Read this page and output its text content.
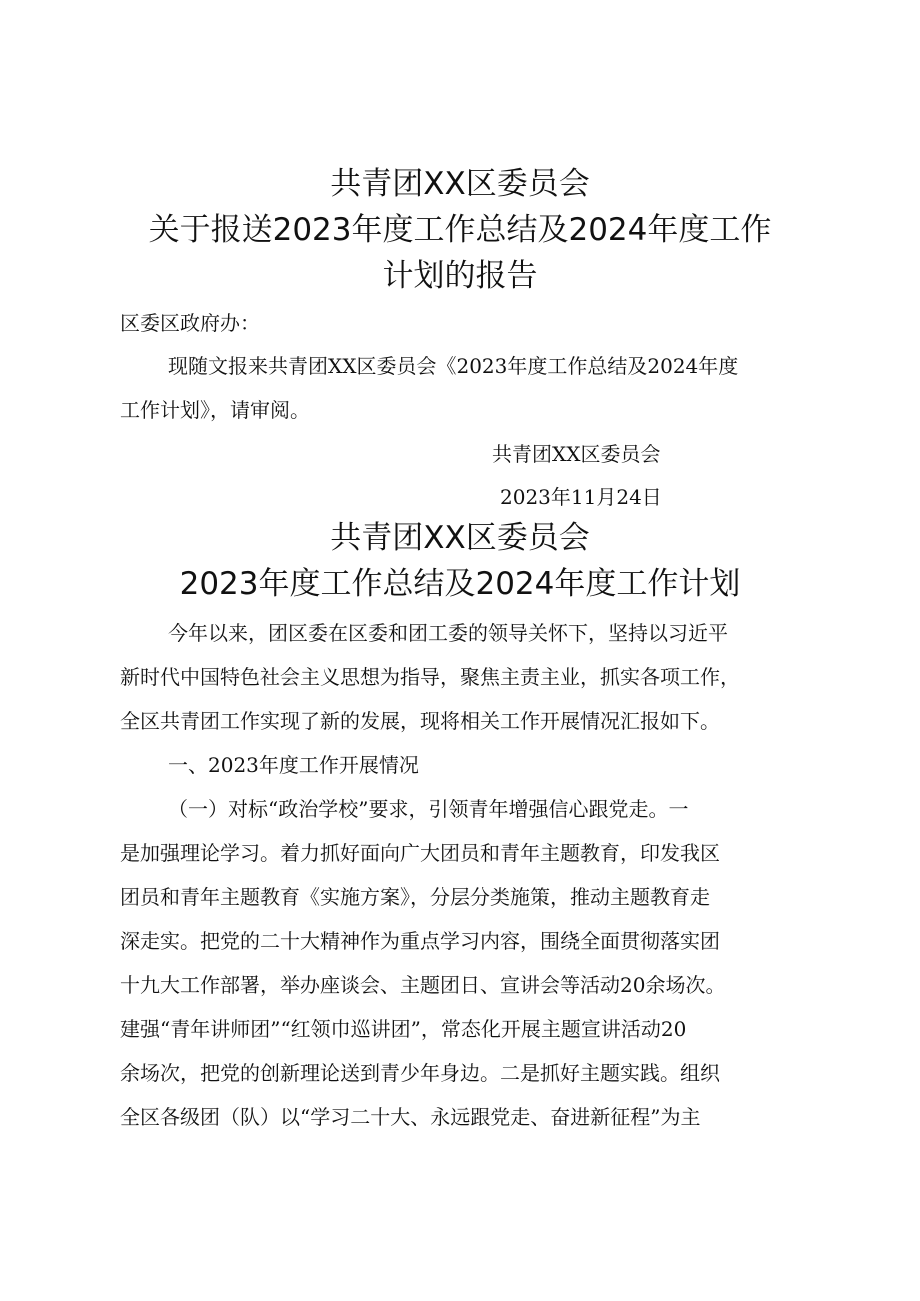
共青团XX区委员会
关于报送2023年度工作总结及2024年度工作
计划的报告

区委区政府办：

现随文报来共青团XX区委员会《2023年度工作总结及2024年度

工作计划》，请审阅。

共青团XX区委员会

2023年11月24日

共青团XX区委员会
2023年度工作总结及2024年度工作计划

今年以来，团区委在区委和团工委的领导关怀下，坚持以习近平

新时代中国特色社会主义思想为指导，聚焦主责主业，抓实各项工作，

全区共青团工作实现了新的发展，现将相关工作开展情况汇报如下。

一、2023年度工作开展情况

（一）对标“政治学校”要求，引领青年增强信心跟党走。一

是加强理论学习。着力抓好面向广大团员和青年主题教育，印发我区

团员和青年主题教育《实施方案》，分层分类施策，推动主题教育走

深走实。把党的二十大精神作为重点学习内容，围绕全面贯彻落实团

十九大工作部署，举办座谈会、主题团日、宣讲会等活动20余场次。

建强“青年讲师团”“红领巾巡讲团”，常态化开展主题宣讲活动20

余场次，把党的创新理论送到青少年身边。二是抓好主题实践。组织

全区各级团（队）以“学习二十大、永远跟党走、奋进新征程”为主
